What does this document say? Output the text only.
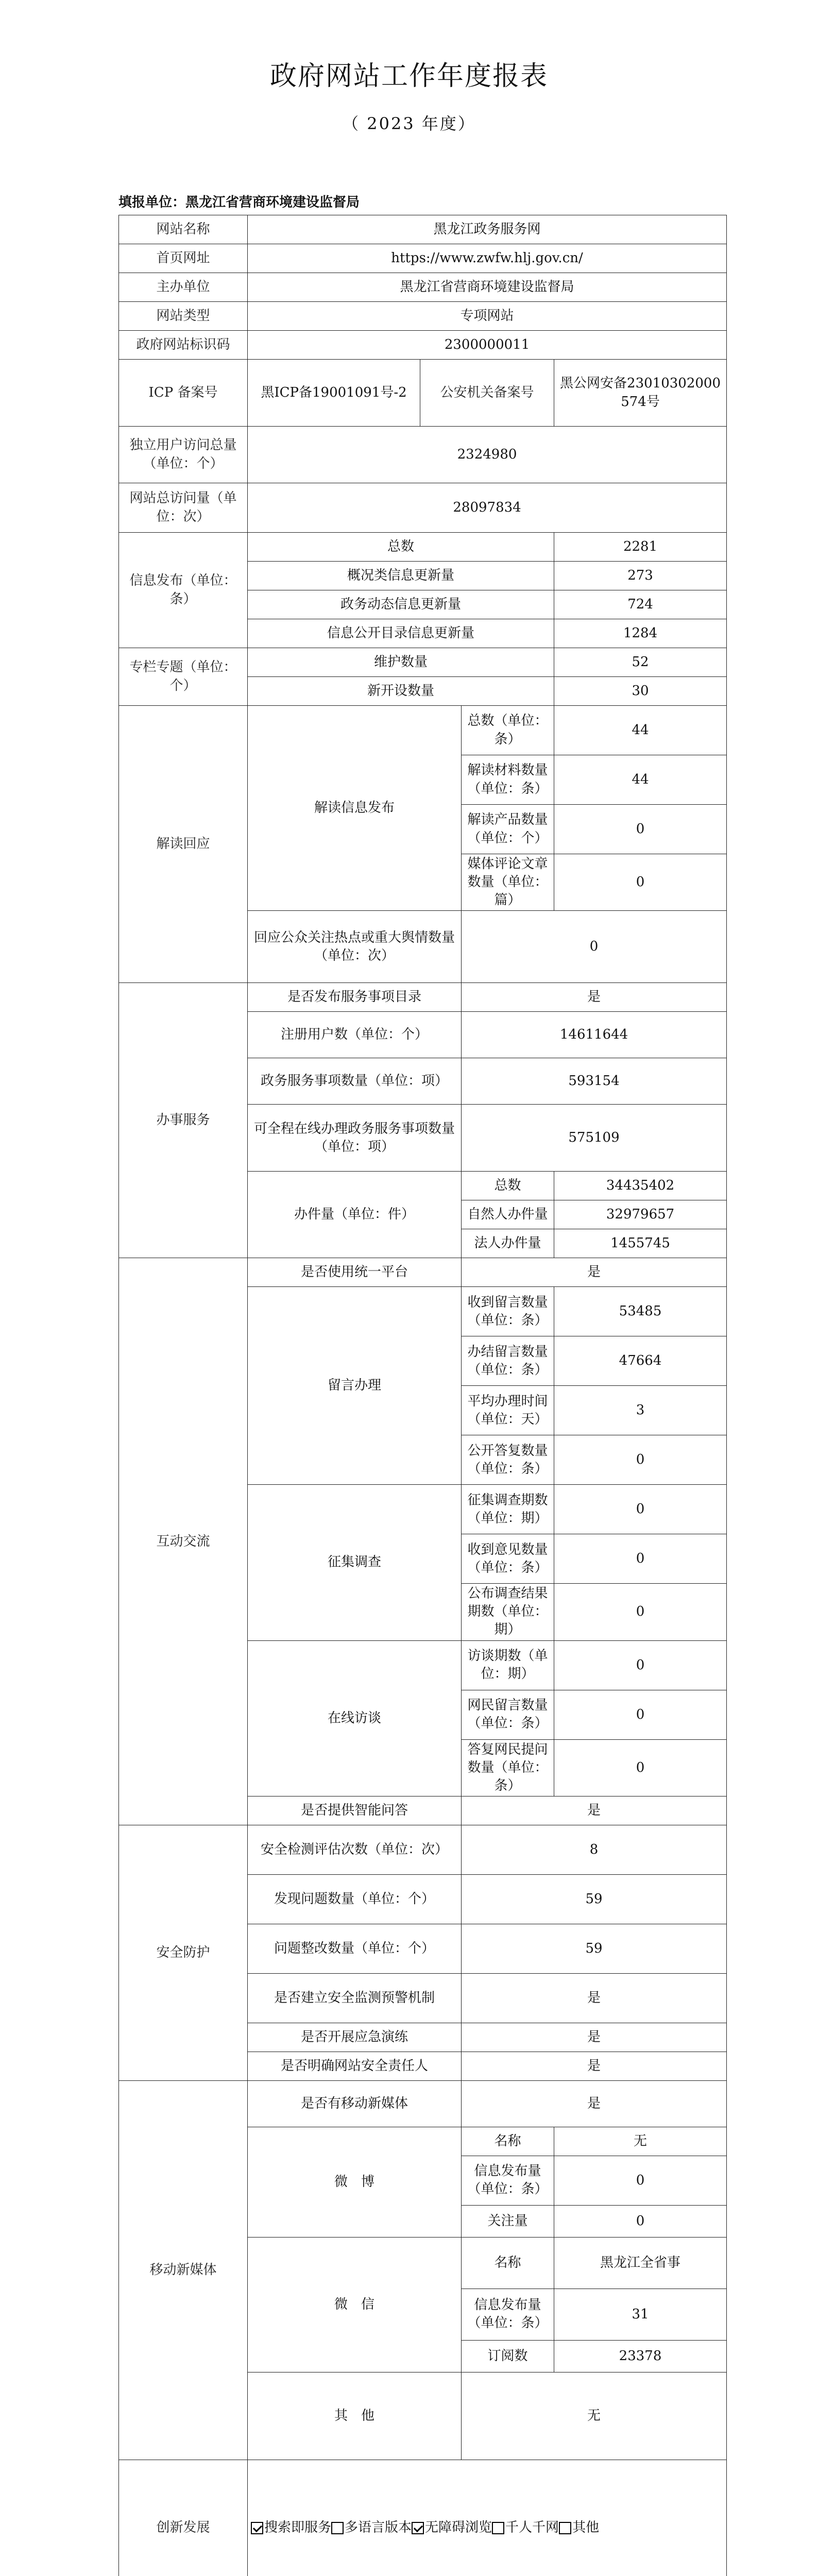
政府网站工作年度报表
（ 2023 年度）
填报单位：黑龙江省营商环境建设监督局
网站名称	黑龙江政务服务网			
首页网址	https://www.zwfw.hlj.gov.cn/			
主办单位	黑龙江省营商环境建设监督局			
网站类型	专项网站			
政府网站标识码	2300000011			
ICP 备案号	黑ICP备19001091号-2	公安机关备案号		黑公网安备23010302000574号
独立用户访问总量（单位：个）	2324980			
网站总访问量（单位：次）	28097834			
信息发布（单位：条）	总数			2281
	概况类信息更新量			273
	政务动态信息更新量			724
	信息公开目录信息更新量			1284
专栏专题（单位：个）	维护数量			52
	新开设数量			30
解读回应	解读信息发布		总数（单位：条）	44
			解读材料数量（单位：条）	44
			解读产品数量（单位：个）	0
			媒体评论文章数量（单位：篇）	0
	回应公众关注热点或重大舆情数量（单位：次）		0	
办事服务	是否发布服务事项目录		是	
	注册用户数（单位：个）		14611644	
	政务服务事项数量（单位：项）		593154	
	可全程在线办理政务服务事项数量（单位：项）		575109	
	办件量（单位：件）		总数	34435402
			自然人办件量	32979657
			法人办件量	1455745
互动交流	是否使用统一平台		是	
	留言办理		收到留言数量（单位：条）	53485
			办结留言数量（单位：条）	47664
			平均办理时间（单位：天）	3
			公开答复数量（单位：条）	0
	征集调查		征集调查期数（单位：期）	0
			收到意见数量（单位：条）	0
			公布调查结果期数（单位：期）	0
	在线访谈		访谈期数（单位：期）	0
			网民留言数量（单位：条）	0
			答复网民提问数量（单位：条）	0
	是否提供智能问答		是	
安全防护	安全检测评估次数（单位：次）		8	
	发现问题数量（单位：个）		59	
	问题整改数量（单位：个）		59	
	是否建立安全监测预警机制		是	
	是否开展应急演练		是	
	是否明确网站安全责任人		是	
移动新媒体	是否有移动新媒体		是	
	微　博		名称	无
			信息发布量（单位：条）	0
			关注量	0
	微　信		名称	黑龙江全省事
			信息发布量（单位：条）	31
			订阅数	23378
	其　他		无	
创新发展	搜索即服务 多语言版本 无障碍浏览 千人千网 其他			
